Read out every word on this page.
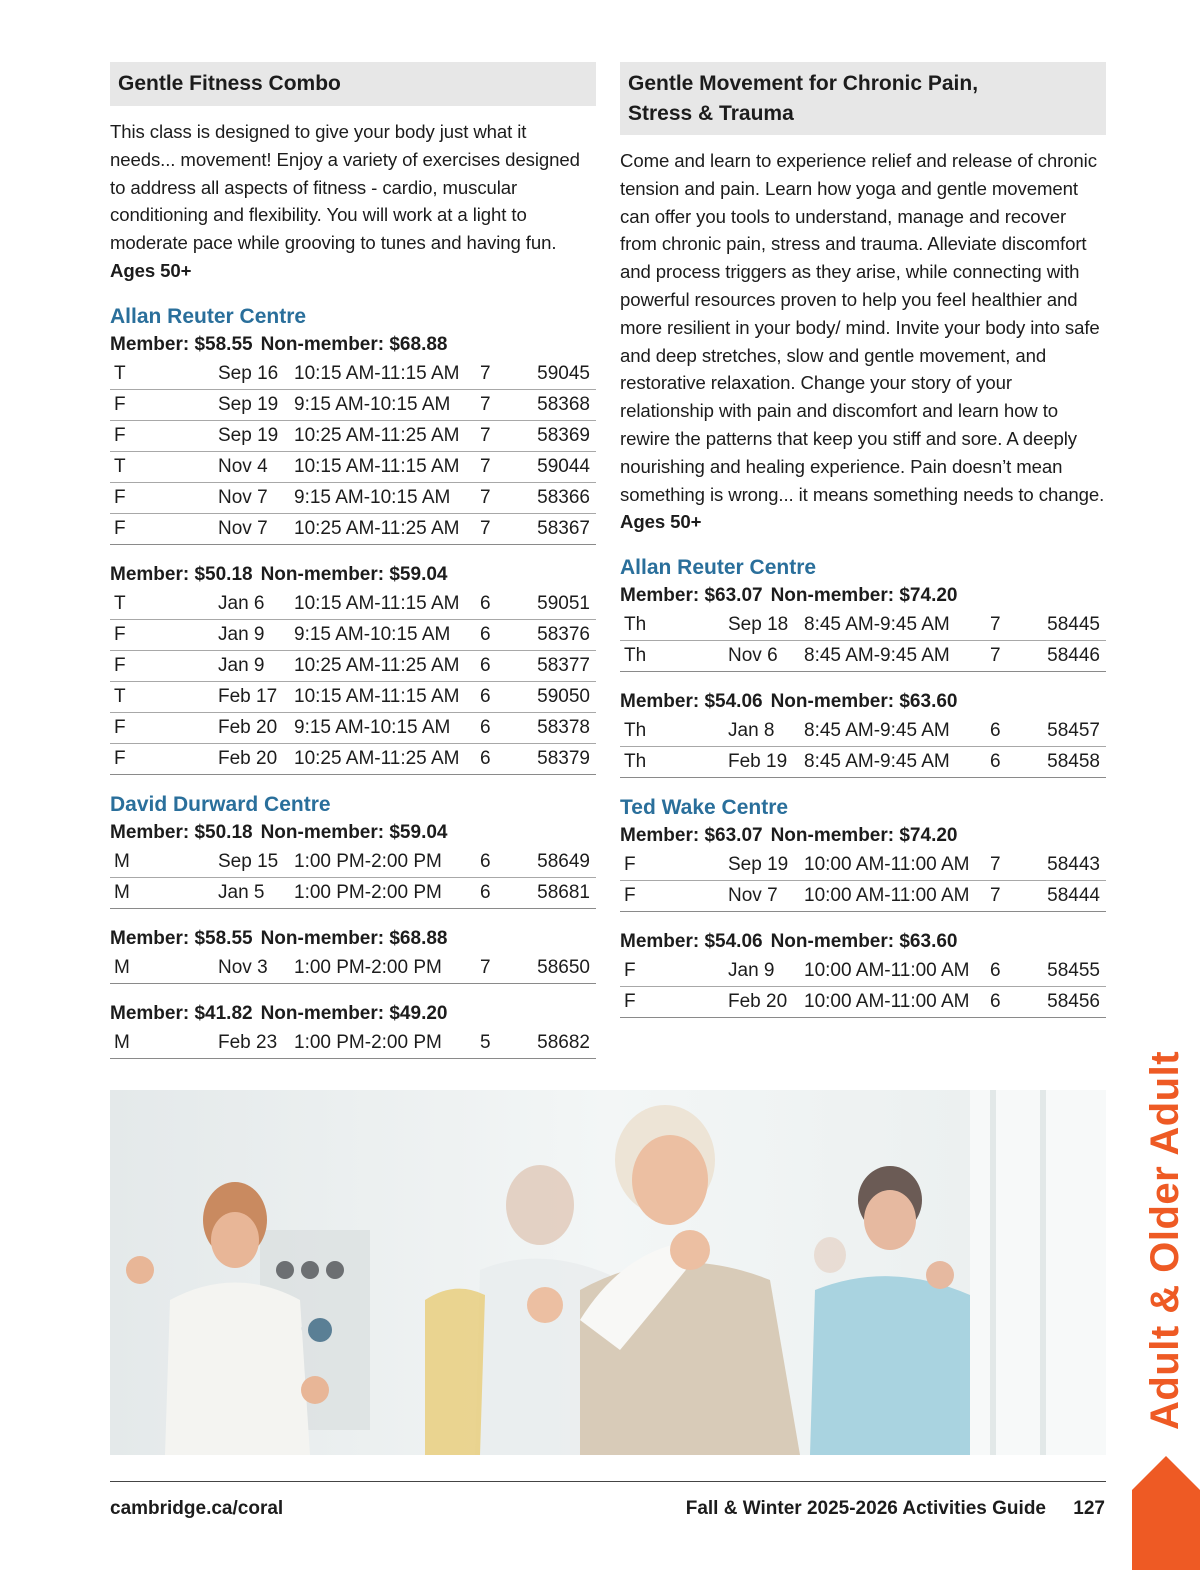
Gentle Fitness Combo

This class is designed to give your body just what it needs... movement! Enjoy a variety of exercises designed to address all aspects of fitness - cardio, muscular conditioning and flexibility. You will work at a light to moderate pace while grooving to tunes and having fun. Ages 50+

Allan Reuter Centre
Member: $58.55 Non-member: $68.88
T	Sep 16	10:15 AM-11:15 AM	7	59045
F	Sep 19	9:15 AM-10:15 AM	7	58368
F	Sep 19	10:25 AM-11:25 AM	7	58369
T	Nov 4	10:15 AM-11:15 AM	7	59044
F	Nov 7	9:15 AM-10:15 AM	7	58366
F	Nov 7	10:25 AM-11:25 AM	7	58367
Member: $50.18 Non-member: $59.04
T	Jan 6	10:15 AM-11:15 AM	6	59051
F	Jan 9	9:15 AM-10:15 AM	6	58376
F	Jan 9	10:25 AM-11:25 AM	6	58377
T	Feb 17	10:15 AM-11:15 AM	6	59050
F	Feb 20	9:15 AM-10:15 AM	6	58378
F	Feb 20	10:25 AM-11:25 AM	6	58379
David Durward Centre
Member: $50.18 Non-member: $59.04
M	Sep 15	1:00 PM-2:00 PM	6	58649
M	Jan 5	1:00 PM-2:00 PM	6	58681
Member: $58.55 Non-member: $68.88
M	Nov 3	1:00 PM-2:00 PM	7	58650
Member: $41.82 Non-member: $49.20
M	Feb 23	1:00 PM-2:00 PM	5	58682
Gentle Movement for Chronic Pain,
Stress & Trauma

Come and learn to experience relief and release of chronic tension and pain. Learn how yoga and gentle movement can offer you tools to understand, manage and recover from chronic pain, stress and trauma. Alleviate discomfort and process triggers as they arise, while connecting with powerful resources proven to help you feel healthier and more resilient in your body/ mind. Invite your body into safe and deep stretches, slow and gentle movement, and restorative relaxation. Change your story of your relationship with pain and discomfort and learn how to rewire the patterns that keep you stiff and sore. A deeply nourishing and healing experience. Pain doesn’t mean something is wrong... it means something needs to change. Ages 50+

Allan Reuter Centre
Member: $63.07 Non-member: $74.20
Th	Sep 18	8:45 AM-9:45 AM	7	58445
Th	Nov 6	8:45 AM-9:45 AM	7	58446
Member: $54.06 Non-member: $63.60
Th	Jan 8	8:45 AM-9:45 AM	6	58457
Th	Feb 19	8:45 AM-9:45 AM	6	58458
Ted Wake Centre
Member: $63.07 Non-member: $74.20
F	Sep 19	10:00 AM-11:00 AM	7	58443
F	Nov 7	10:00 AM-11:00 AM	7	58444
Member: $54.06 Non-member: $63.60
F	Jan 9	10:00 AM-11:00 AM	6	58455
F	Feb 20	10:00 AM-11:00 AM	6	58456
cambridge.ca/coral	Fall & Winter 2025-2026 Activities Guide 127
Adult & Older Adult
